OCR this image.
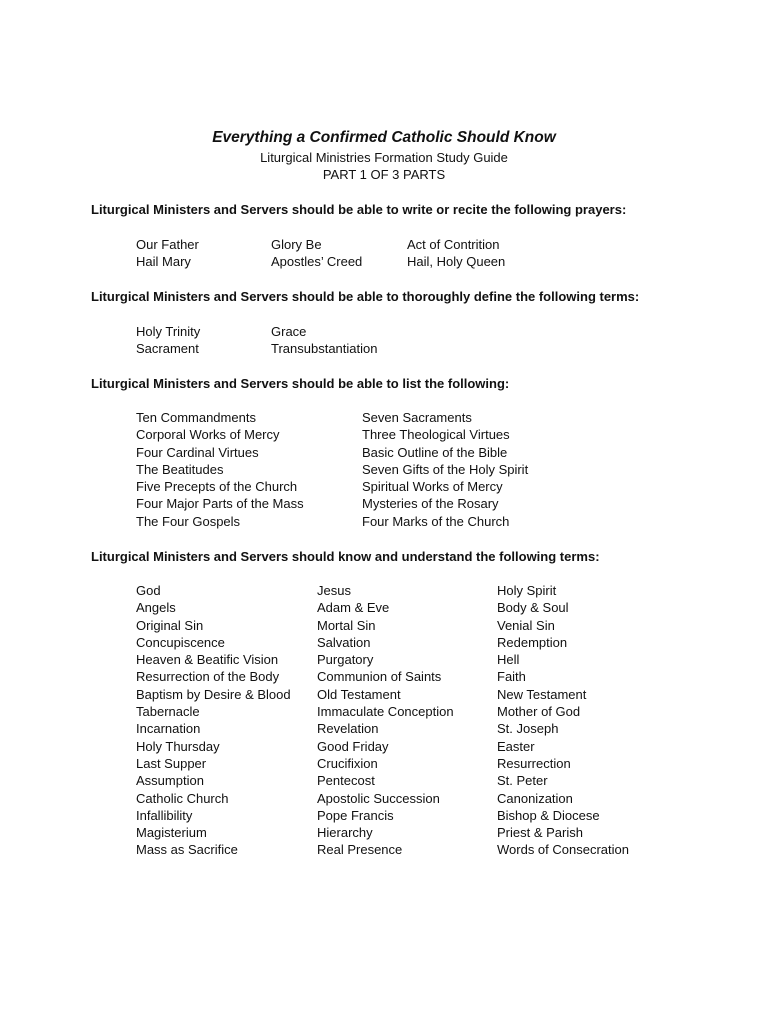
Everything a Confirmed Catholic Should Know
Liturgical Ministries Formation Study Guide
PART 1 OF 3 PARTS
Liturgical Ministers and Servers should be able to write or recite the following prayers:
Our Father
Hail Mary
Glory Be
Apostles’ Creed
Act of Contrition
Hail, Holy Queen
Liturgical Ministers and Servers should be able to thoroughly define the following terms:
Holy Trinity
Sacrament
Grace
Transubstantiation
Liturgical Ministers and Servers should be able to list the following:
Ten Commandments
Corporal Works of Mercy
Four Cardinal Virtues
The Beatitudes
Five Precepts of the Church
Four Major Parts of the Mass
The Four Gospels
Seven Sacraments
Three Theological Virtues
Basic Outline of the Bible
Seven Gifts of the Holy Spirit
Spiritual Works of Mercy
Mysteries of the Rosary
Four Marks of the Church
Liturgical Ministers and Servers should know and understand the following terms:
God
Angels
Original Sin
Concupiscence
Heaven & Beatific Vision
Resurrection of the Body
Baptism by Desire & Blood
Tabernacle
Incarnation
Holy Thursday
Last Supper
Assumption
Catholic Church
Infallibility
Magisterium
Mass as Sacrifice
Jesus
Adam & Eve
Mortal Sin
Salvation
Purgatory
Communion of Saints
Old Testament
Immaculate Conception
Revelation
Good Friday
Crucifixion
Pentecost
Apostolic Succession
Pope Francis
Hierarchy
Real Presence
Holy Spirit
Body & Soul
Venial Sin
Redemption
Hell
Faith
New Testament
Mother of God
St. Joseph
Easter
Resurrection
St. Peter
Canonization
Bishop & Diocese
Priest & Parish
Words of Consecration
